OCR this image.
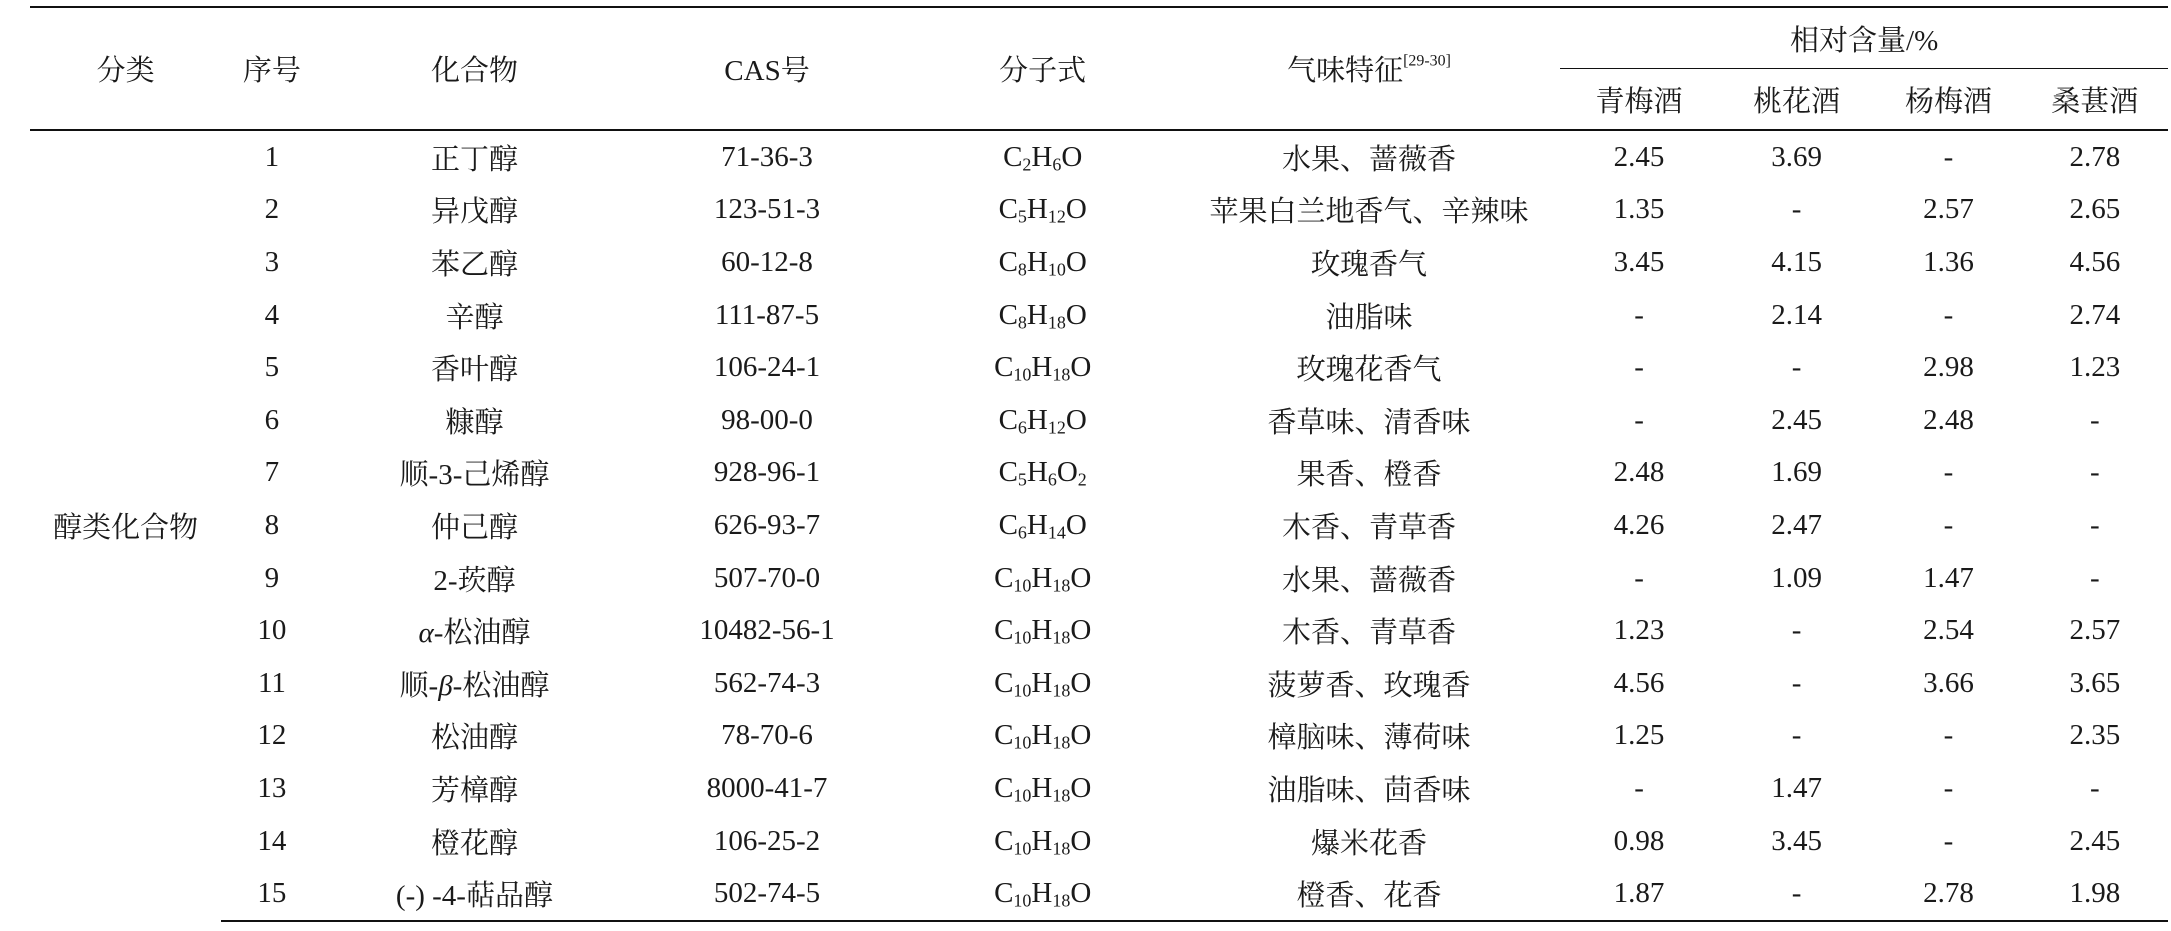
分类	序号	化合物	CAS号	分子式	气味特征[29-30]	相对含量/%			
						青梅酒	桃花酒	杨梅酒	桑葚酒
醇类化合物	1	正丁醇	71-36-3	$C_2H_6O$	水果、蔷薇香	2.45	3.69	-	2.78
	2	异戊醇	123-51-3	$C_5H_{12}O$	苹果白兰地香气、辛辣味	1.35	-	2.57	2.65
	3	苯乙醇	60-12-8	$C_8H_{10}O$	玫瑰香气	3.45	4.15	1.36	4.56
	4	辛醇	111-87-5	$C_8H_{18}O$	油脂味	-	2.14	-	2.74
	5	香叶醇	106-24-1	$C_{10}H_{18}O$	玫瑰花香气	-	-	2.98	1.23
	6	糠醇	98-00-0	$C_6H_{12}O$	香草味、清香味	-	2.45	2.48	-
	7	顺-3-己烯醇	928-96-1	$C_5H_6O_2$	果香、橙香	2.48	1.69	-	-
	8	仲己醇	626-93-7	$C_6H_{14}O$	木香、青草香	4.26	2.47	-	-
	9	2-莰醇	507-70-0	$C_{10}H_{18}O$	水果、蔷薇香	-	1.09	1.47	-
	10	α-松油醇	10482-56-1	$C_{10}H_{18}O$	木香、青草香	1.23	-	2.54	2.57
	11	顺-β-松油醇	562-74-3	$C_{10}H_{18}O$	菠萝香、玫瑰香	4.56	-	3.66	3.65
	12	松油醇	78-70-6	$C_{10}H_{18}O$	樟脑味、薄荷味	1.25	-	-	2.35
	13	芳樟醇	8000-41-7	$C_{10}H_{18}O$	油脂味、茴香味	-	1.47	-	-
	14	橙花醇	106-25-2	$C_{10}H_{18}O$	爆米花香	0.98	3.45	-	2.45
	15	(-) -4-萜品醇	502-74-5	$C_{10}H_{18}O$	橙香、花香	1.87	-	2.78	1.98
